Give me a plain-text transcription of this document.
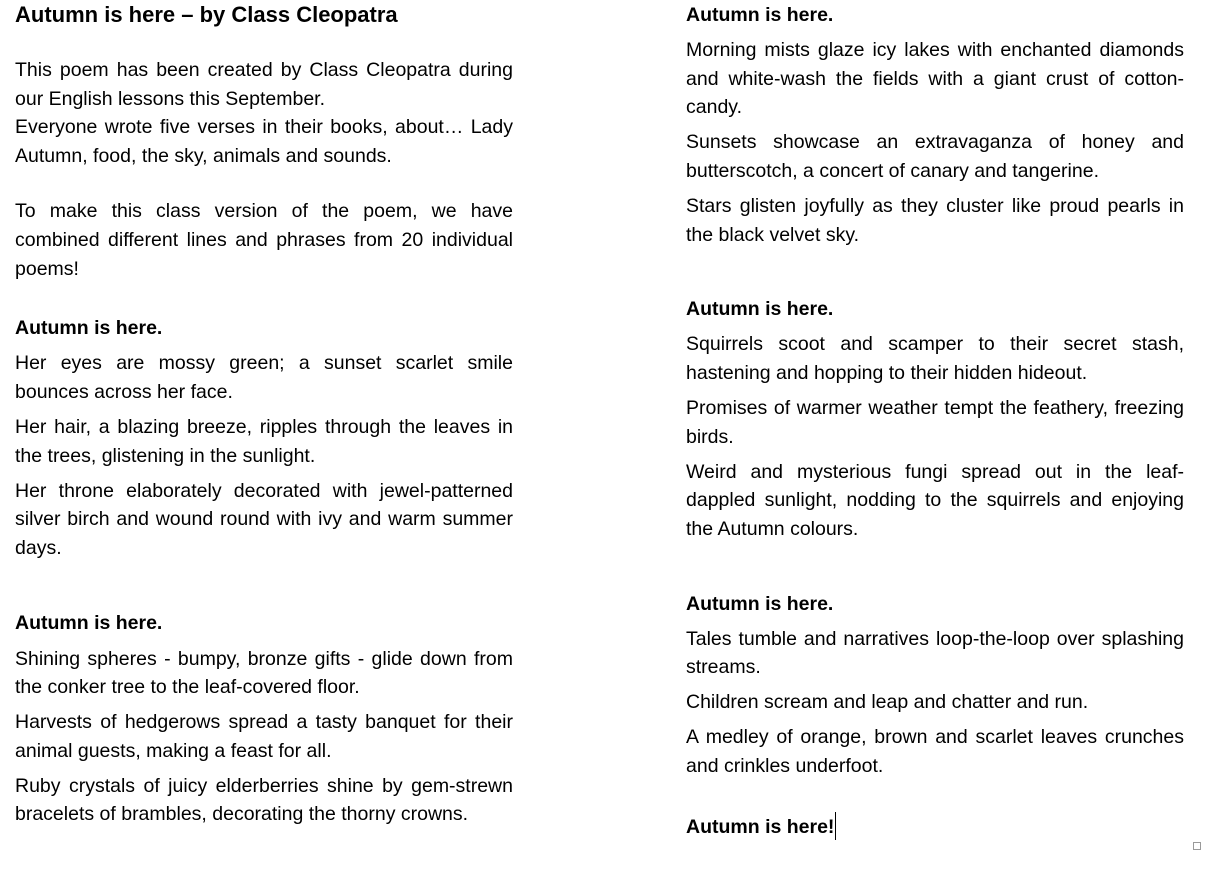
Autumn is here – by Class Cleopatra

This poem has been created by Class Cleopatra during our English lessons this September.

Everyone wrote five verses in their books, about… Lady Autumn, food, the sky, animals and sounds.

To make this class version of the poem, we have combined different lines and phrases from 20 individual poems!

Autumn is here.

Her eyes are mossy green; a sunset scarlet smile bounces across her face.

Her hair, a blazing breeze, ripples through the leaves in the trees, glistening in the sunlight.

Her throne elaborately decorated with jewel-patterned silver birch and wound round with ivy and warm summer days.

Autumn is here.

Shining spheres - bumpy, bronze gifts - glide down from the conker tree to the leaf-covered floor.

Harvests of hedgerows spread a tasty banquet for their animal guests, making a feast for all.

Ruby crystals of juicy elderberries shine by gem-strewn bracelets of brambles, decorating the thorny crowns.

Autumn is here.

Morning mists glaze icy lakes with enchanted diamonds and white-wash the fields with a giant crust of cotton-candy.

Sunsets showcase an extravaganza of honey and butterscotch, a concert of canary and tangerine.

Stars glisten joyfully as they cluster like proud pearls in the black velvet sky.

Autumn is here.

Squirrels scoot and scamper to their secret stash, hastening and hopping to their hidden hideout.

Promises of warmer weather tempt the feathery, freezing birds.

Weird and mysterious fungi spread out in the leaf-dappled sunlight, nodding to the squirrels and enjoying the Autumn colours.

Autumn is here.

Tales tumble and narratives loop-the-loop over splashing streams.

Children scream and leap and chatter and run.

A medley of orange, brown and scarlet leaves crunches and crinkles underfoot.

Autumn is here!
